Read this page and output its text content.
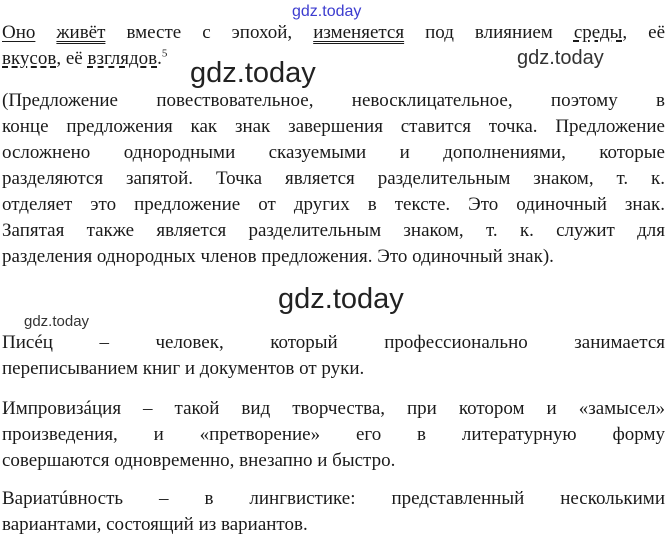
gdz.today
gdz.today
gdz.today
gdz.today
gdz.today
Оно живёт вместе с эпохой, изменяется под влиянием среды, её
вкусов, её взглядов.$^5$
(Предложение повествовательное, невосклицательное, поэтому в
конце предложения как знак завершения ставится точка. Предложение
осложнено однородными сказуемыми и дополнениями, которые
разделяются запятой. Точка является разделительным знаком, т. к.
отделяет это предложение от других в тексте. Это одиночный знак.
Запятая также является разделительным знаком, т. к. служит для
разделения однородных членов предложения. Это одиночный знак).
Писéц – человек, который профессионально занимается
переписыванием книг и документов от руки.
Импровизáция – такой вид творчества, при котором и «замысел»
произведения, и «претворение» его в литературную форму
совершаются одновременно, внезапно и быстро.
Вариатúвность – в лингвистике: представленный несколькими
вариантами, состоящий из вариантов.
